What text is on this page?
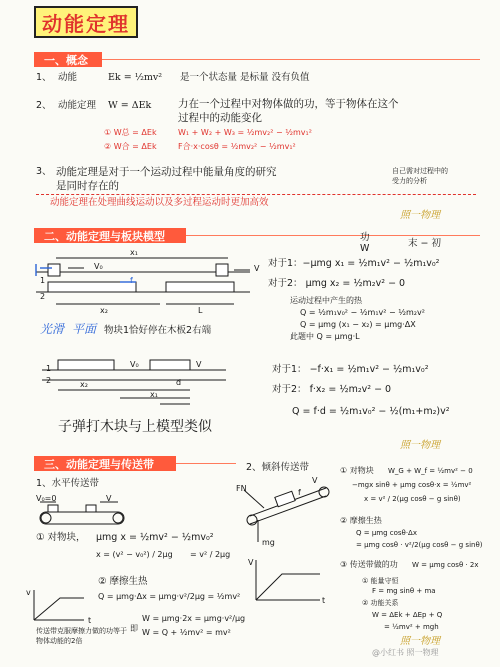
动能定理
一、概念
1、 动能	Ek = ½mv² 是一个状态量 是标量 没有负值
2、 动能定理 W = ΔEk	力在一个过程中对物体做的功，等于物体在这个
过程中的动能变化
① W总 = ΔEk	W₁ + W₂ + W₃ = ½mv₂² − ½mv₁²
② W合 = ΔEk	F合·x·cosθ = ½mv₂² − ½mv₁²
3、 动能定理是对于一个运动过程中能量角度的研究	自己需对过程中的
受力的分析
是同时存在的
动能定理在处理曲线运动以及多过程运动时更加高效
照一物理
二、动能定理与板块模型
V₀
x₁
x₂	L
V
1
2
f
功
W	末 − 初
对于1：−μmg x₁ = ½m₁v² − ½m₁v₀²
对于2： μmg x₂ = ½m₂v² − 0
运动过程中产生的热
Q = ½m₁v₀² − ½m₁v² − ½m₂v²
Q = μmg (x₁ − x₂) = μmg·ΔX
此题中 Q = μmg·L
光滑 平面 物块1恰好停在木板2右端
1
2	x₂
x₁
d
V
V₀	对于1： −f·x₁ = ½m₁v² − ½m₁v₀²
对于2： f·x₂ = ½m₂v² − 0
Q = f·d = ½m₁v₀² − ½(m₁+m₂)v²
子弹打木块与上模型类似
照一物理
三、动能定理与传送带
1、水平传送带
V₀=0	V
① 对物块， μmg x = ½mv² − ½mv₀²
x = (v² − v₀²) / 2μg = v² / 2μg
② 摩擦生热
Q = μmg·Δx = μmg·v²/2μg = ½mv²
v
t
传送带克服摩擦力做的功等于
物体动能的2倍
即
W = μmg·2x = μmg·v²/μg
W = Q + ½mv² = mv²
2、倾斜传送带
V
f
mg
FN
① 对物块 W_G + W_f = ½mv² − 0
−mgx sinθ + μmg cosθ·x = ½mv²
x = v² / 2(μg cosθ − g sinθ)
② 摩擦生热
Q = μmg cosθ·Δx
= μmg cosθ · v²/2(μg cosθ − g sinθ)
③ 传送带做的功 W = μmg cosθ · 2x
① 能量守恒
F = mg sinθ + ma
② 功能关系
W = ΔEk + ΔEp + Q
= ½mv² + mgh
V
t
照一物理
@小红书 照一物理
